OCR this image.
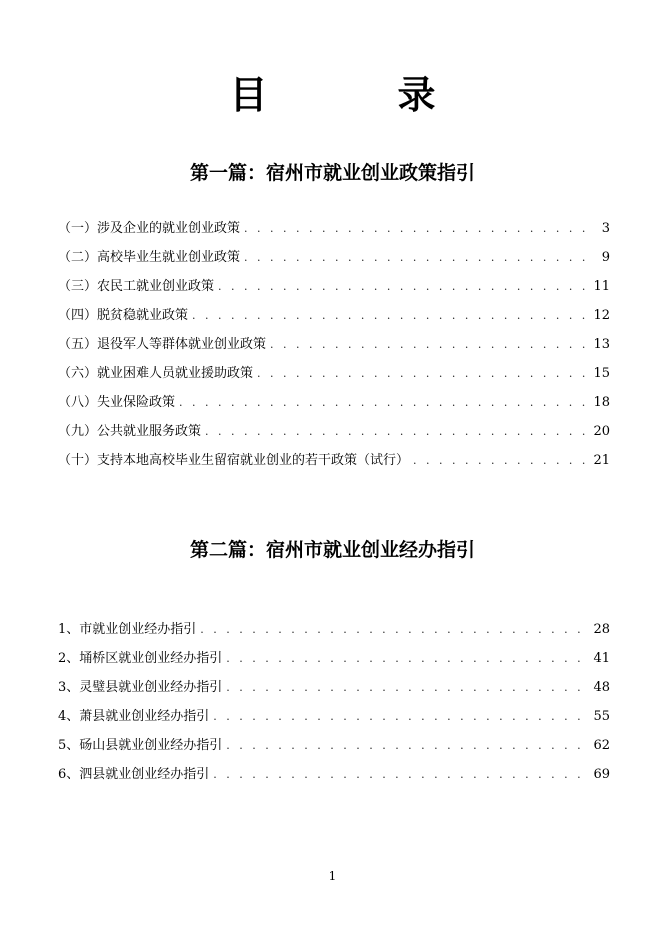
目　录
第一篇：宿州市就业创业政策指引
（一）涉及企业的就业创业政策 . . .	3
（二）高校毕业生就业创业政策 . . .	9
（三）农民工就业创业政策 . . .	11
（四）脱贫稳就业政策 . . .	12
（五）退役军人等群体就业创业政策 . . .	13
（六）就业困难人员就业援助政策 . . .	15
（八）失业保险政策 . . .	18
（九）公共就业服务政策 . . .	20
（十）支持本地高校毕业生留宿就业创业的若干政策（试行） . . .	21
第二篇：宿州市就业创业经办指引
1、市就业创业经办指引 . . .	28
2、埇桥区就业创业经办指引 . . .	41
3、灵璧县就业创业经办指引 . . .	48
4、萧县就业创业经办指引 . . .	55
5、砀山县就业创业经办指引 . . .	62
6、泗县就业创业经办指引 . . .	69
1
